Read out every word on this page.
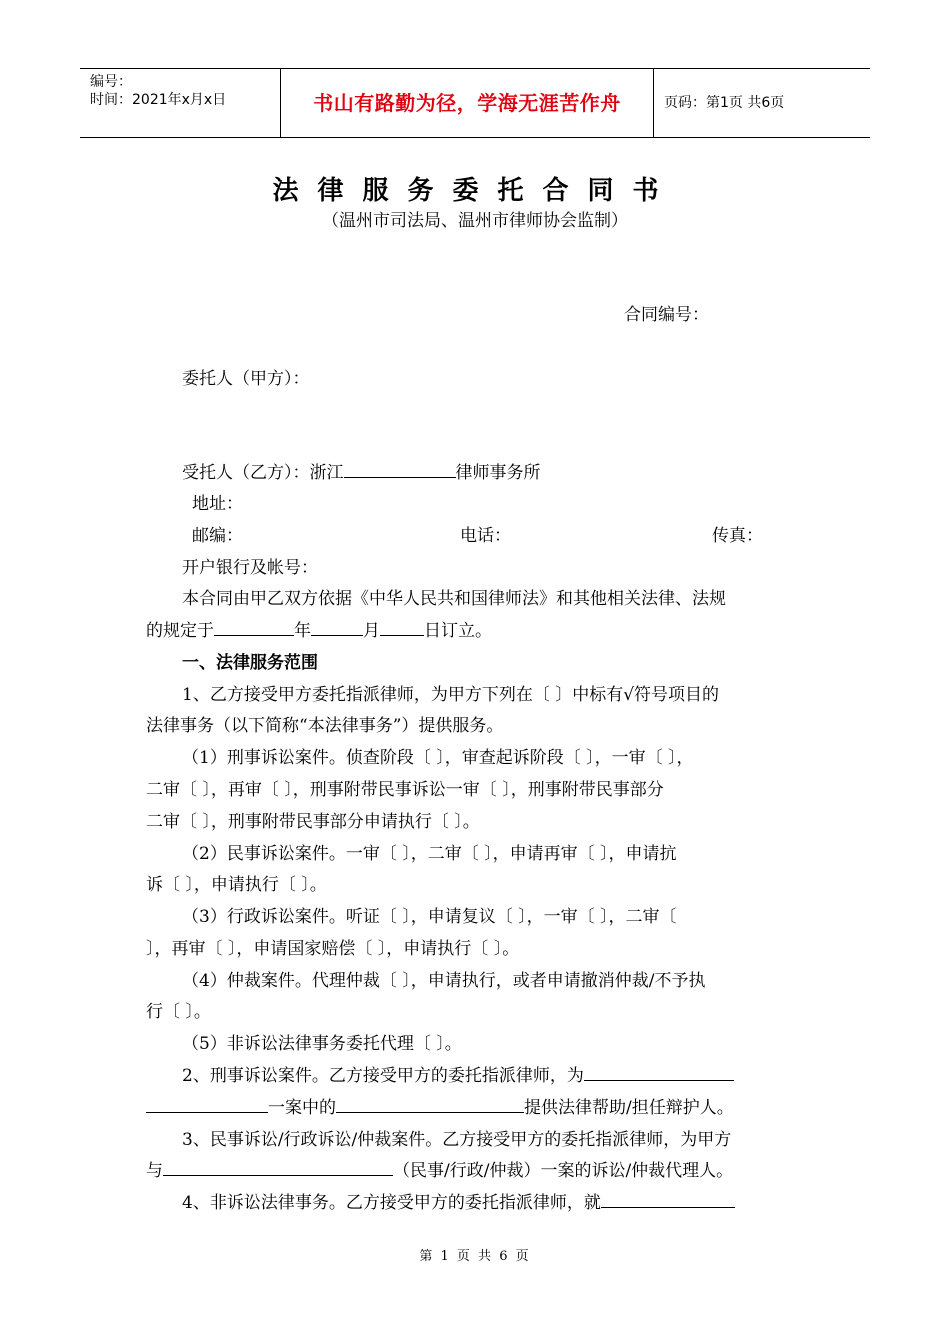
编号：
时间：2021年x月x日	书山有路勤为径，学海无涯苦作舟	页码：第1页 共6页
法律服务委托合同书
（温州市司法局、温州市律师协会监制）
合同编号：
委托人（甲方）：
受托人（乙方）：浙江	律师事务所
地址：
邮编：	电话：	传真：
开户银行及帐号：
本合同由甲乙双方依据《中华人民共和国律师法》和其他相关法律、法规
的规定于	年	月	日订立。
一、法律服务范围
1、乙方接受甲方委托指派律师，为甲方下列在〔 〕中标有√符号项目的
法律事务（以下简称“本法律事务”）提供服务。
（1）刑事诉讼案件。侦查阶段〔 〕，审查起诉阶段〔 〕，一审〔 〕，
二审〔 〕，再审〔 〕，刑事附带民事诉讼一审〔 〕，刑事附带民事部分
二审〔 〕，刑事附带民事部分申请执行〔 〕。
（2）民事诉讼案件。一审〔 〕，二审〔 〕，申请再审〔 〕，申请抗
诉〔 〕，申请执行〔 〕。
（3）行政诉讼案件。听证〔 〕，申请复议〔 〕，一审〔 〕，二审〔
〕，再审〔 〕，申请国家赔偿〔 〕，申请执行〔 〕。
（4）仲裁案件。代理仲裁〔 〕，申请执行，或者申请撤消仲裁/不予执
行〔 〕。
（5）非诉讼法律事务委托代理〔 〕。
2、刑事诉讼案件。乙方接受甲方的委托指派律师，为
一案中的	提供法律帮助/担任辩护人。
3、民事诉讼/行政诉讼/仲裁案件。乙方接受甲方的委托指派律师，为甲方
与	（民事/行政/仲裁）一案的诉讼/仲裁代理人。
4、非诉讼法律事务。乙方接受甲方的委托指派律师，就
第 1 页 共 6 页
